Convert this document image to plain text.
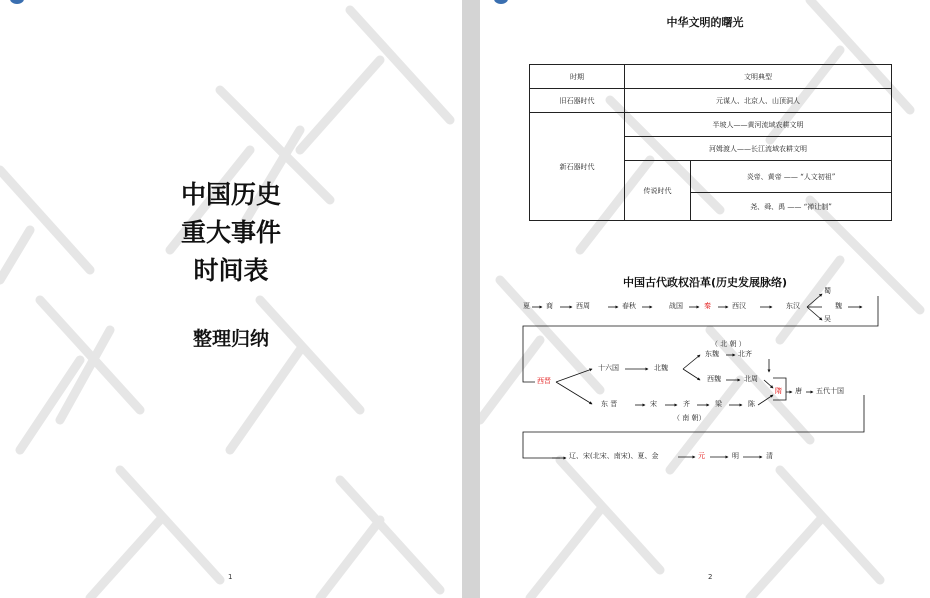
中国历史
重大事件
时间表
整理归纳
1
中华文明的曙光
时期	文明典型	
旧石器时代	元谋人、北京人、山顶洞人	
新石器时代	半坡人——黄河流域农耕文明	
	河姆渡人——长江流域农耕文明	
	传说时代	炎帝、黄帝 —— “人文初祖”
		尧、舜、禹 —— “禅让制”
中国古代政权沿革(历史发展脉络)
夏 商	西周	春秋	战国	秦	西汉	东汉
蜀
魏
吴
西晋
十六国	北魏
（ 北 朝 ）
东魏	北齐
西魏	北周
隋 唐 五代十国
东 晋	宋	齐	梁	陈
（ 南 朝）
辽、宋(北宋、南宋)、夏、金	元	明	清
2
